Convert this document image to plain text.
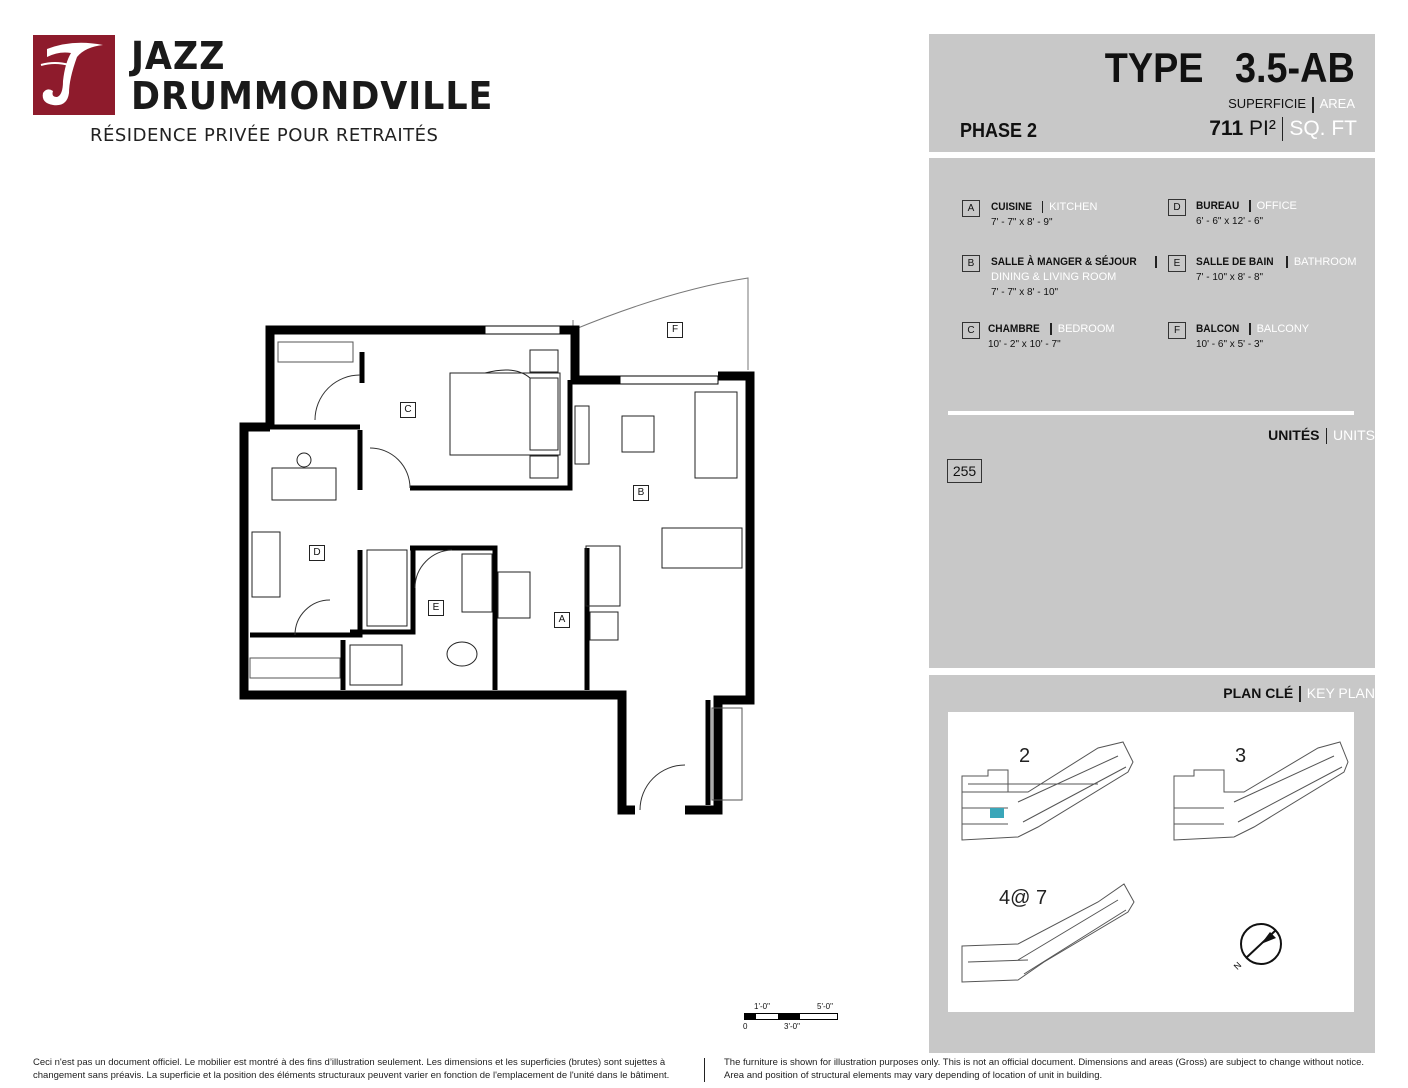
JAZZ
DRUMMONDVILLE
RÉSIDENCE PRIVÉE POUR RETRAITÉS
TYPE   3.5-AB
SUPERFICIE AREA
PHASE 2	711 PI² SQ. FT
A	CUISINE KITCHEN
7' - 7" x 8' - 9"
B	SALLE À MANGER & SÉJOUR
DINING & LIVING ROOM
7' - 7" x 8' - 10"
C	CHAMBRE BEDROOM
10' - 2" x 10' - 7"
D	BUREAU OFFICE
6' - 6" x 12' - 6"
E	SALLE DE BAIN BATHROOM
7' - 10" x 8' - 8"
F	BALCON BALCONY
10' - 6" x 5' - 3"
UNITÉS UNITS
255
PLAN CLÉ KEY PLAN
2	3
4@ 7
N
C
F
B
D
E
A
1'-0"	5'-0"
0	3'-0"
Ceci n'est pas un document officiel. Le mobilier est montré à des fins d’illustration seulement. Les dimensions et les superficies (brutes) sont sujettes à changement sans préavis. La superficie et la position des éléments structuraux peuvent varier en fonction de l'emplacement de l'unité dans le bâtiment.
The furniture is shown for illustration purposes only. This is not an official document. Dimensions and areas (Gross) are subject to change without notice. Area and position of structural elements may vary depending of location of unit in building.
